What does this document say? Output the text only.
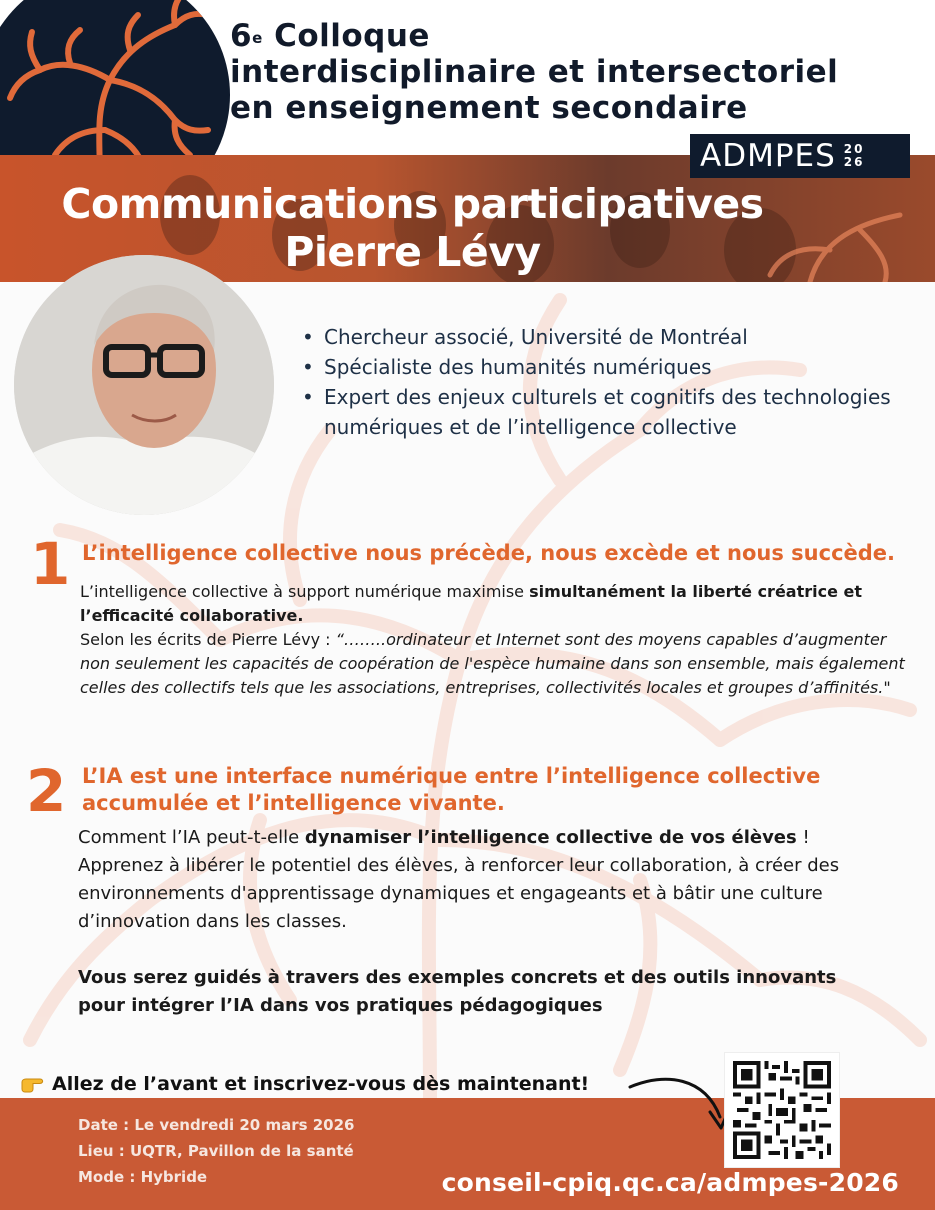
6e Colloque
interdisciplinaire et intersectoriel
en enseignement secondaire
ADMPES 20
26
Communications participatives
Pierre Lévy
• Chercheur associé, Université de Montréal
• Spécialiste des humanités numériques
• Expert des enjeux culturels et cognitifs des technologies numériques et de l’intelligence collective
1 L’intelligence collective nous précède, nous excède et nous succède.
L’intelligence collective à support numérique maximise simultanément la liberté créatrice et l’efficacité collaborative.
Selon les écrits de Pierre Lévy : “……..ordinateur et Internet sont des moyens capables d’augmenter non seulement les capacités de coopération de l'espèce humaine dans son ensemble, mais également celles des collectifs tels que les associations, entreprises, collectivités locales et groupes d’affinités."
2 L’IA est une interface numérique entre l’intelligence collective
accumulée et l’intelligence vivante.
Comment l’IA peut-t-elle dynamiser l’intelligence collective de vos élèves !
Apprenez à libérer le potentiel des élèves, à renforcer leur collaboration, à créer des environnements d'apprentissage dynamiques et engageants et à bâtir une culture d’innovation dans les classes.
Vous serez guidés à travers des exemples concrets et des outils innovants pour intégrer l’IA dans vos pratiques pédagogiques
Allez de l’avant et inscrivez-vous dès maintenant!
Date : Le vendredi 20 mars 2026
Lieu : UQTR, Pavillon de la santé
Mode : Hybride	conseil-cpiq.qc.ca/admpes-2026
